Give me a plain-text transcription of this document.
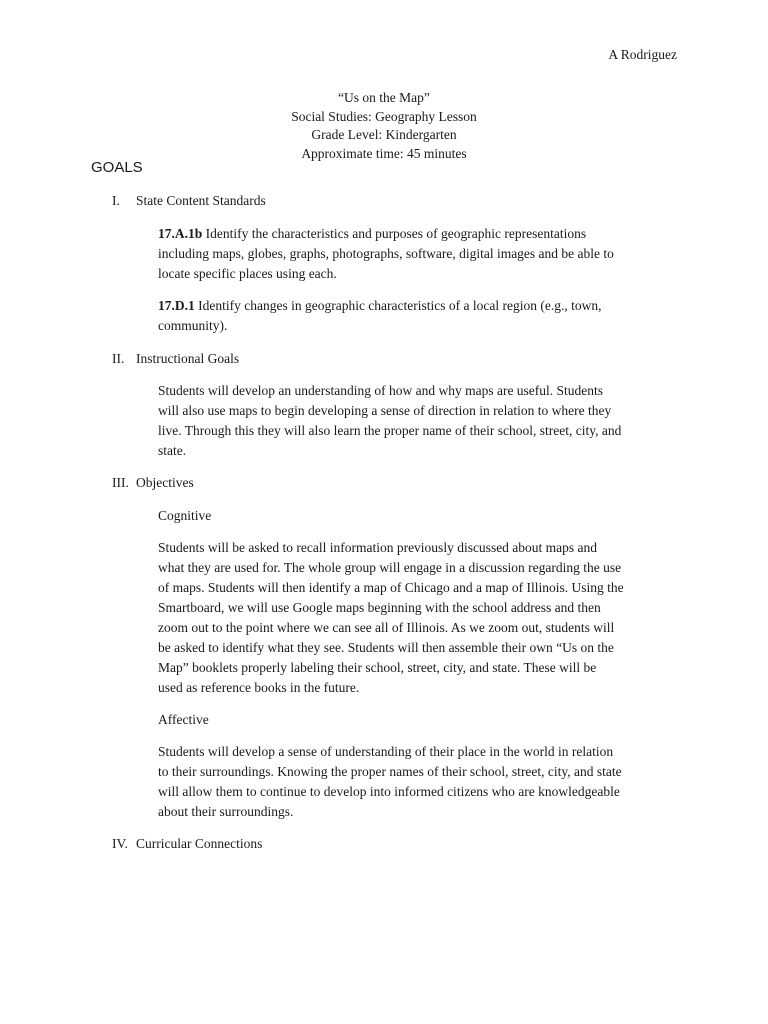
A Rodriguez
“Us on the Map”
Social Studies: Geography Lesson
Grade Level: Kindergarten
Approximate time: 45 minutes
GOALS
I. State Content Standards
17.A.1b Identify the characteristics and purposes of geographic representations
including maps, globes, graphs, photographs, software, digital images and be able to
locate specific places using each.
17.D.1 Identify changes in geographic characteristics of a local region (e.g., town,
community).
II. Instructional Goals
Students will develop an understanding of how and why maps are useful. Students
will also use maps to begin developing a sense of direction in relation to where they
live. Through this they will also learn the proper name of their school, street, city, and
state.
III. Objectives
Cognitive
Students will be asked to recall information previously discussed about maps and
what they are used for. The whole group will engage in a discussion regarding the use
of maps. Students will then identify a map of Chicago and a map of Illinois. Using the
Smartboard, we will use Google maps beginning with the school address and then
zoom out to the point where we can see all of Illinois. As we zoom out, students will
be asked to identify what they see. Students will then assemble their own “Us on the
Map” booklets properly labeling their school, street, city, and state. These will be
used as reference books in the future.
Affective
Students will develop a sense of understanding of their place in the world in relation
to their surroundings. Knowing the proper names of their school, street, city, and state
will allow them to continue to develop into informed citizens who are knowledgeable
about their surroundings.
IV. Curricular Connections
